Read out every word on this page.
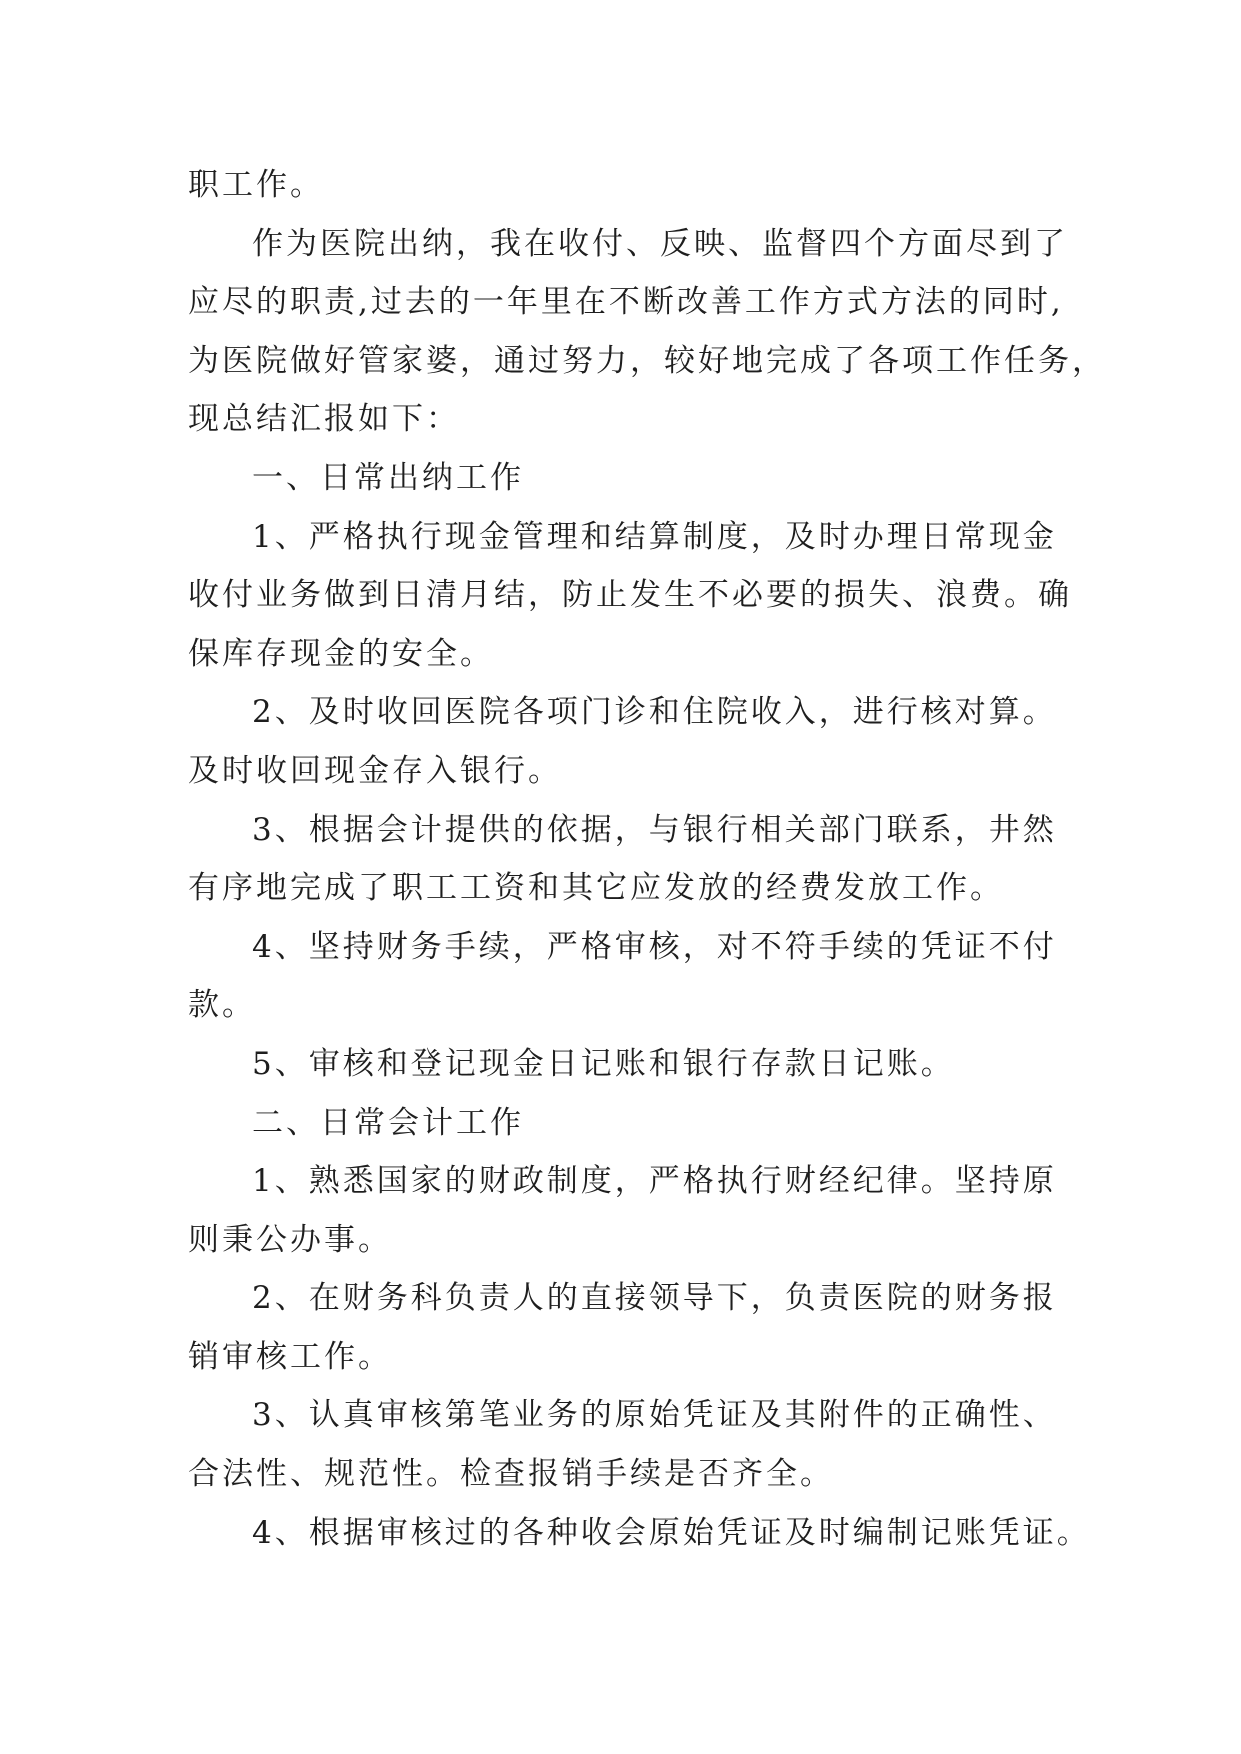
职工作。
作为医院出纳，我在收付、反映、监督四个方面尽到了
应尽的职责,过去的一年里在不断改善工作方式方法的同时,
为医院做好管家婆，通过努力，较好地完成了各项工作任务，
现总结汇报如下：
一、日常出纳工作
1、严格执行现金管理和结算制度，及时办理日常现金
收付业务做到日清月结，防止发生不必要的损失、浪费。确
保库存现金的安全。
2、及时收回医院各项门诊和住院收入，进行核对算。
及时收回现金存入银行。
3、根据会计提供的依据，与银行相关部门联系，井然
有序地完成了职工工资和其它应发放的经费发放工作。
4、坚持财务手续，严格审核，对不符手续的凭证不付
款。
5、审核和登记现金日记账和银行存款日记账。
二、日常会计工作
1、熟悉国家的财政制度，严格执行财经纪律。坚持原
则秉公办事。
2、在财务科负责人的直接领导下，负责医院的财务报
销审核工作。
3、认真审核第笔业务的原始凭证及其附件的正确性、
合法性、规范性。检查报销手续是否齐全。
4、根据审核过的各种收会原始凭证及时编制记账凭证。
